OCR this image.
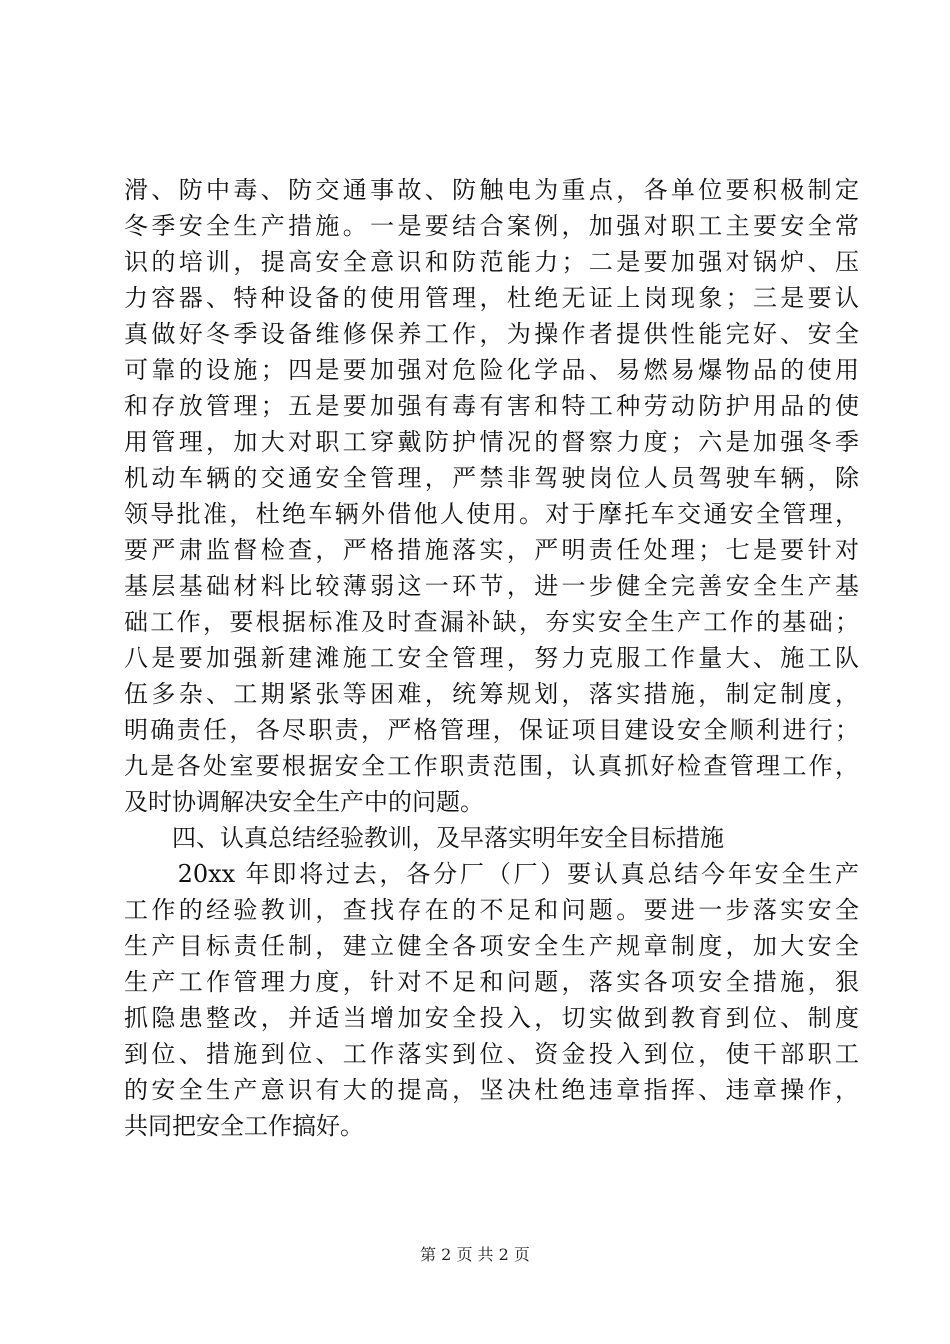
滑、防中毒、防交通事故、防触电为重点，各单位要积极制定
冬季安全生产措施。一是要结合案例，加强对职工主要安全常
识的培训，提高安全意识和防范能力；二是要加强对锅炉、压
力容器、特种设备的使用管理，杜绝无证上岗现象；三是要认
真做好冬季设备维修保养工作，为操作者提供性能完好、安全
可靠的设施；四是要加强对危险化学品、易燃易爆物品的使用
和存放管理；五是要加强有毒有害和特工种劳动防护用品的使
用管理，加大对职工穿戴防护情况的督察力度；六是加强冬季
机动车辆的交通安全管理，严禁非驾驶岗位人员驾驶车辆，除
领导批准，杜绝车辆外借他人使用。对于摩托车交通安全管理，
要严肃监督检查，严格措施落实，严明责任处理；七是要针对
基层基础材料比较薄弱这一环节，进一步健全完善安全生产基
础工作，要根据标准及时查漏补缺，夯实安全生产工作的基础；
八是要加强新建滩施工安全管理，努力克服工作量大、施工队
伍多杂、工期紧张等困难，统筹规划，落实措施，制定制度，
明确责任，各尽职责，严格管理，保证项目建设安全顺利进行；
九是各处室要根据安全工作职责范围，认真抓好检查管理工作，
及时协调解决安全生产中的问题。
　　四、认真总结经验教训，及早落实明年安全目标措施
　　20xx 年即将过去，各分厂（厂）要认真总结今年安全生产
工作的经验教训，查找存在的不足和问题。要进一步落实安全
生产目标责任制，建立健全各项安全生产规章制度，加大安全
生产工作管理力度，针对不足和问题，落实各项安全措施，狠
抓隐患整改，并适当增加安全投入，切实做到教育到位、制度
到位、措施到位、工作落实到位、资金投入到位，使干部职工
的安全生产意识有大的提高，坚决杜绝违章指挥、违章操作，
共同把安全工作搞好。
第 2 页 共 2 页
